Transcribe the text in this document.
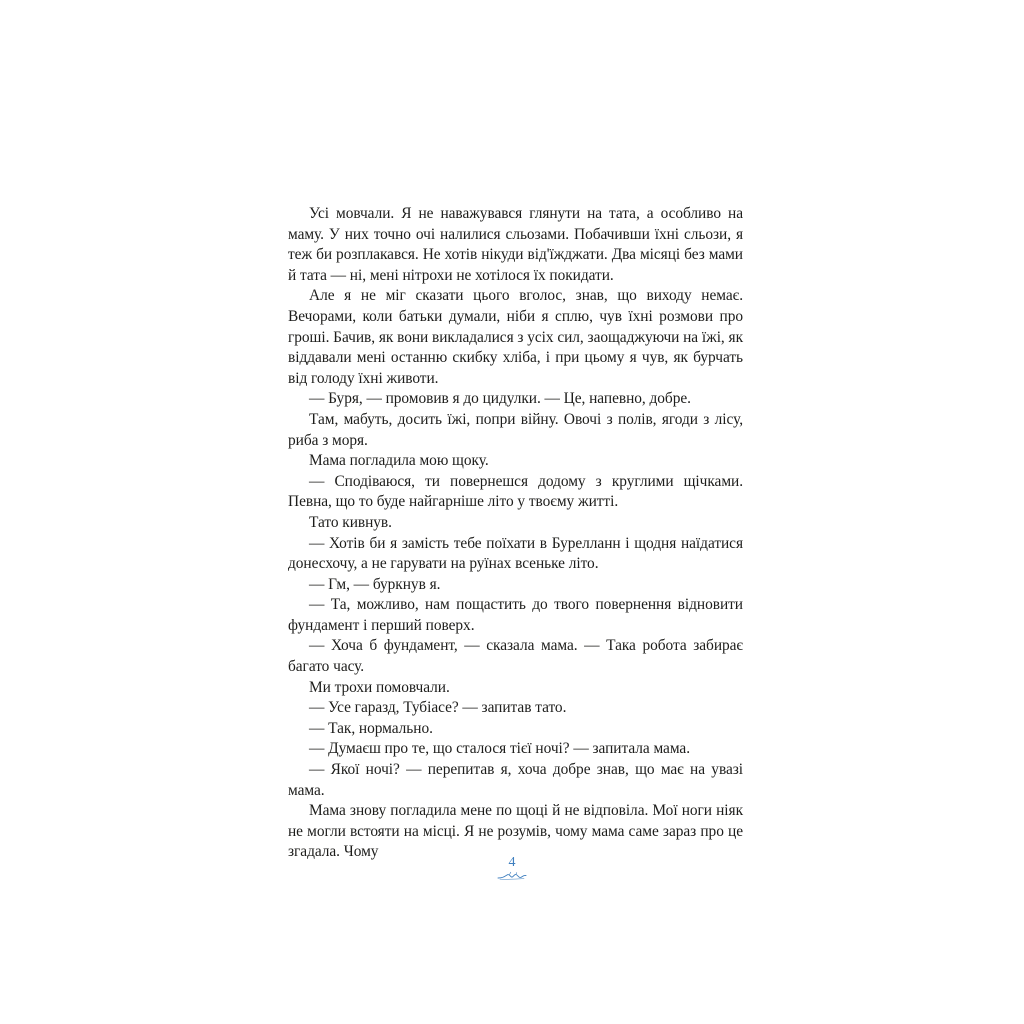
Усі мовчали. Я не наважувався глянути на тата, а особливо на маму. У них точно очі налилися сльозами. Побачивши їхні сльози, я теж би розплакався. Не хотів нікуди від'їжджати. Два місяці без мами й тата — ні, мені нітрохи не хотілося їх покидати.

Але я не міг сказати цього вголос, знав, що виходу немає. Вечорами, коли батьки думали, ніби я сплю, чув їхні розмови про гроші. Бачив, як вони викладалися з усіх сил, заощаджуючи на їжі, як віддавали мені останню скибку хліба, і при цьому я чув, як бурчать від голоду їхні животи.

— Буря, — промовив я до цидулки. — Це, напевно, добре.

Там, мабуть, досить їжі, попри війну. Овочі з полів, ягоди з лісу, риба з моря.

Мама погладила мою щоку.

— Сподіваюся, ти повернешся додому з круглими щічками. Певна, що то буде найгарніше літо у твоєму житті.

Тато кивнув.

— Хотів би я замість тебе поїхати в Бурелланн і щодня наїдатися донесхочу, а не гарувати на руїнах всеньке літо.

— Гм, — буркнув я.

— Та, можливо, нам пощастить до твого повернення відновити фундамент і перший поверх.

— Хоча б фундамент, — сказала мама. — Така робота забирає багато часу.

Ми трохи помовчали.

— Усе гаразд, Тубіасе? — запитав тато.

— Так, нормально.

— Думаєш про те, що сталося тієї ночі? — запитала мама.

— Якої ночі? — перепитав я, хоча добре знав, що має на увазі мама.

Мама знову погладила мене по щоці й не відповіла. Мої ноги ніяк не могли встояти на місці. Я не розумів, чому мама саме зараз про це згадала. Чому

4
